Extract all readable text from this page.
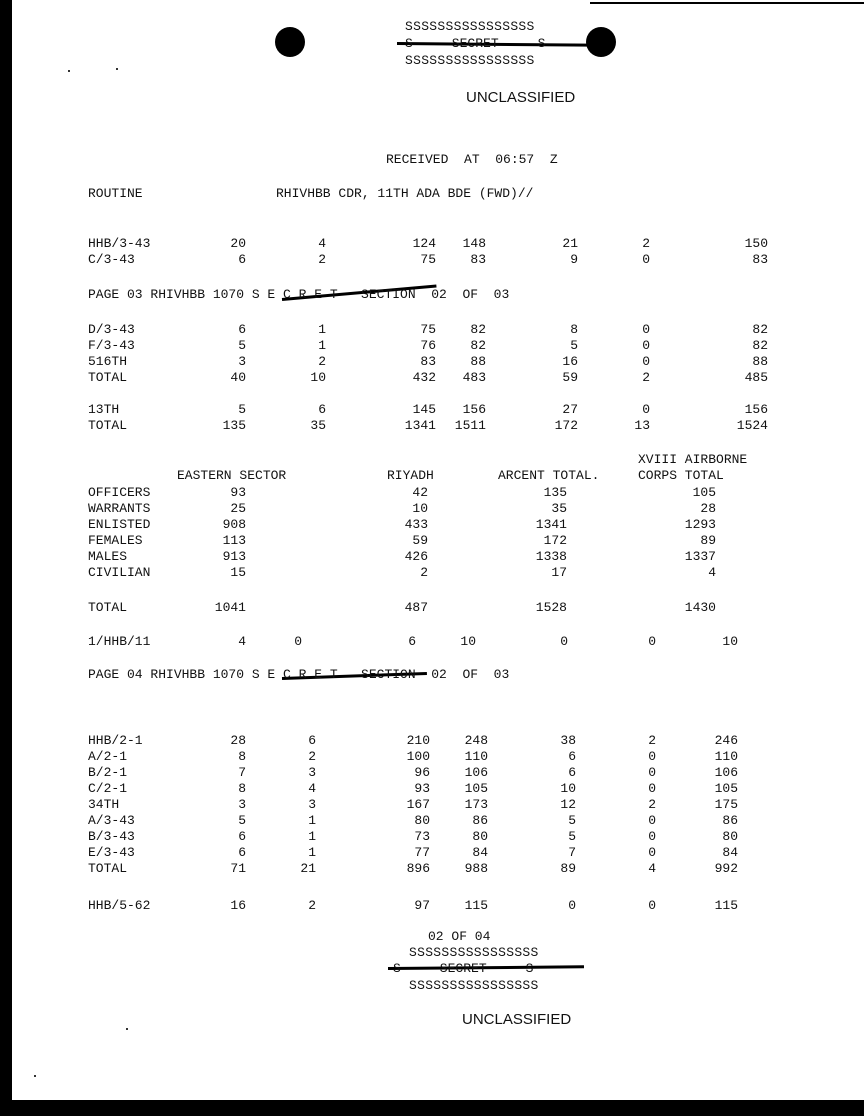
SSSSSSSSSSSSSSSS
S     SECRET     S
SSSSSSSSSSSSSSSS
UNCLASSIFIED
RECEIVED  AT  06:57  Z
ROUTINE	RHIVHBB CDR, 11TH ADA BDE (FWD)//
PAGE 03 RHIVHBB 1070 S E C R E T   SECTION  02  OF  03
PAGE 04 RHIVHBB 1070 S E C R E T   SECTION  02  OF  03
HHB/3-43	20	4	124	148	21	2	150
C/3-43	6	2	75	83	9	0	83
D/3-43	6	1	75	82	8	0	82
F/3-43	5	1	76	82	5	0	82
516TH	3	2	83	88	16	0	88
TOTAL	40	10	432	483	59	2	485
13TH	5	6	145	156	27	0	156
TOTAL	135	35	1341	1511	172	13	1524
1/HHB/11	4	0	6	10	0	0	10
HHB/2-1	28	6	210	248	38	2	246
A/2-1	8	2	100	110	6	0	110
B/2-1	7	3	96	106	6	0	106
C/2-1	8	4	93	105	10	0	105
34TH	3	3	167	173	12	2	175
A/3-43	5	1	80	86	5	0	86
B/3-43	6	1	73	80	5	0	80
E/3-43	6	1	77	84	7	0	84
TOTAL	71	21	896	988	89	4	992
HHB/5-62	16	2	97	115	0	0	115
EASTERN SECTOR	RIYADH	ARCENT TOTAL.
XVIII AIRBORNE
CORPS TOTAL
OFFICERS	93	42	135	105
WARRANTS	25	10	35	28
ENLISTED	908	433	1341	1293
FEMALES	113	59	172	89
MALES	913	426	1338	1337
CIVILIAN	15	2	17	4
TOTAL	1041	487	1528	1430
02 OF 04
SSSSSSSSSSSSSSSS
S     SECRET     S
SSSSSSSSSSSSSSSS
UNCLASSIFIED
